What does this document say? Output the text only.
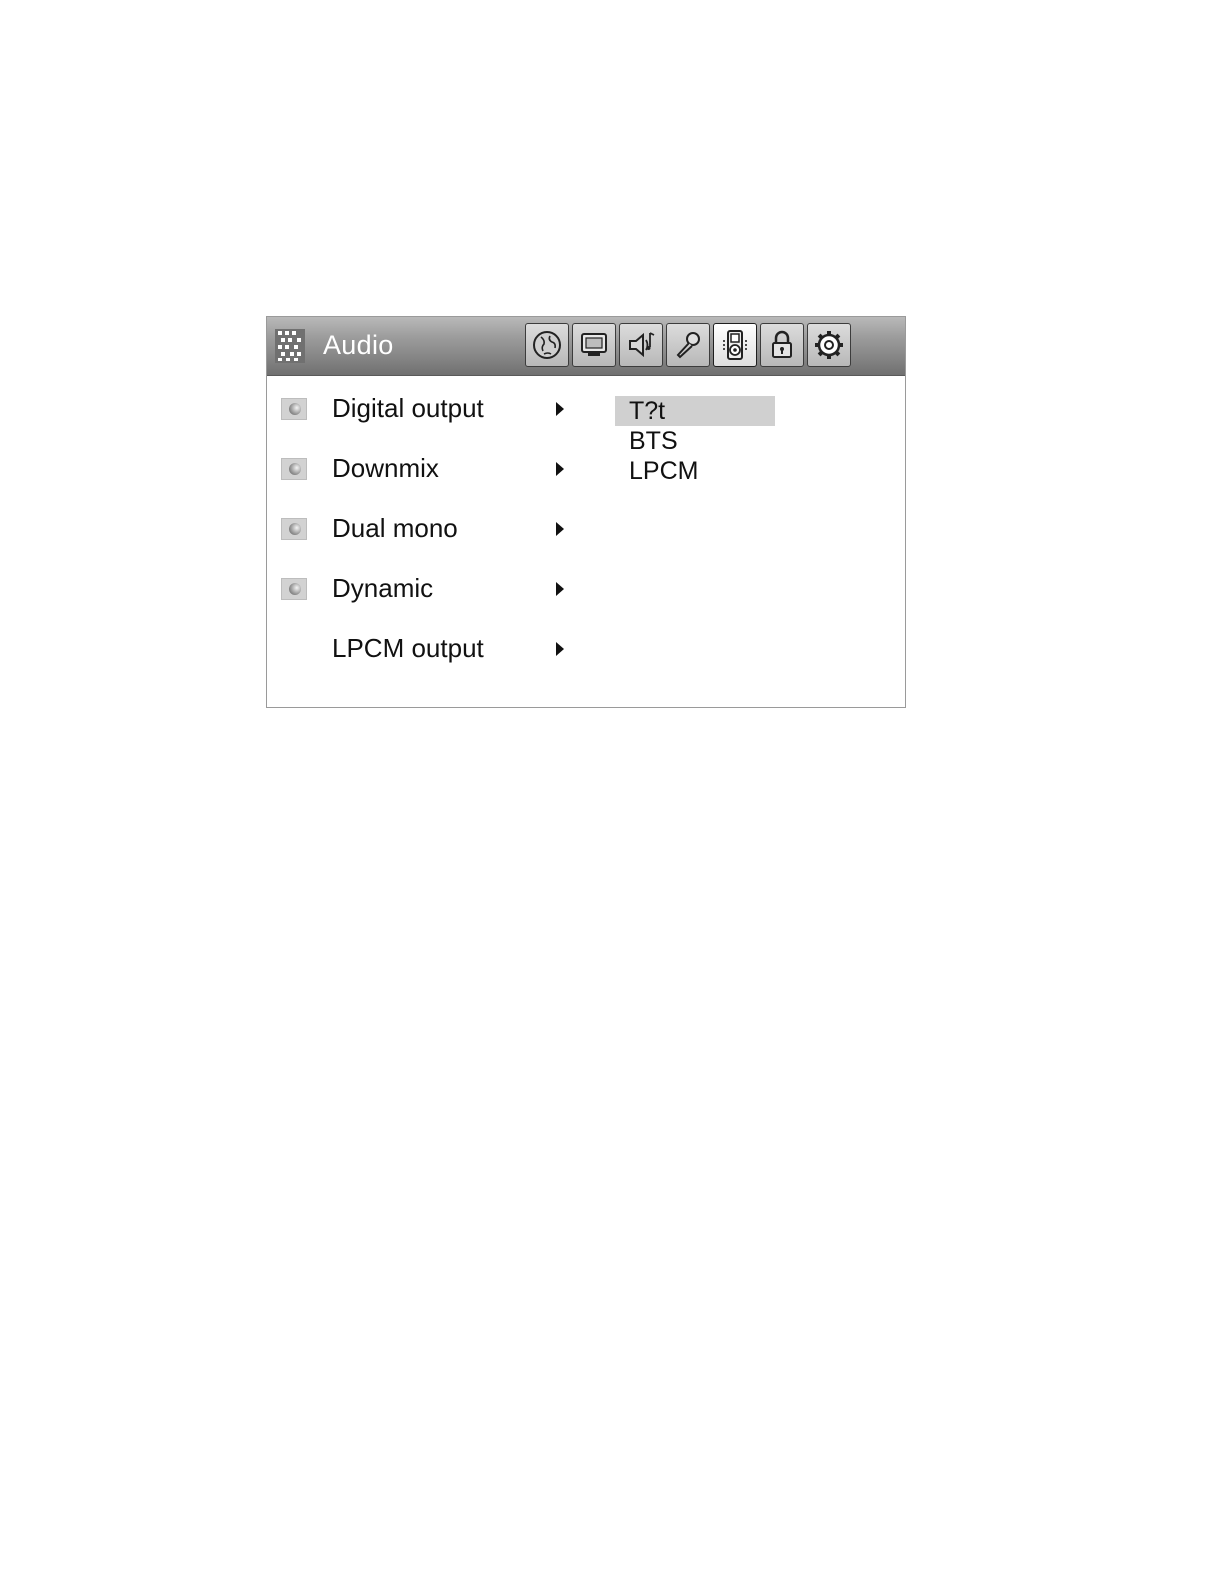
Audio
Digital output
Downmix
Dual mono
Dynamic
LPCM output
T?t
BTS
LPCM
